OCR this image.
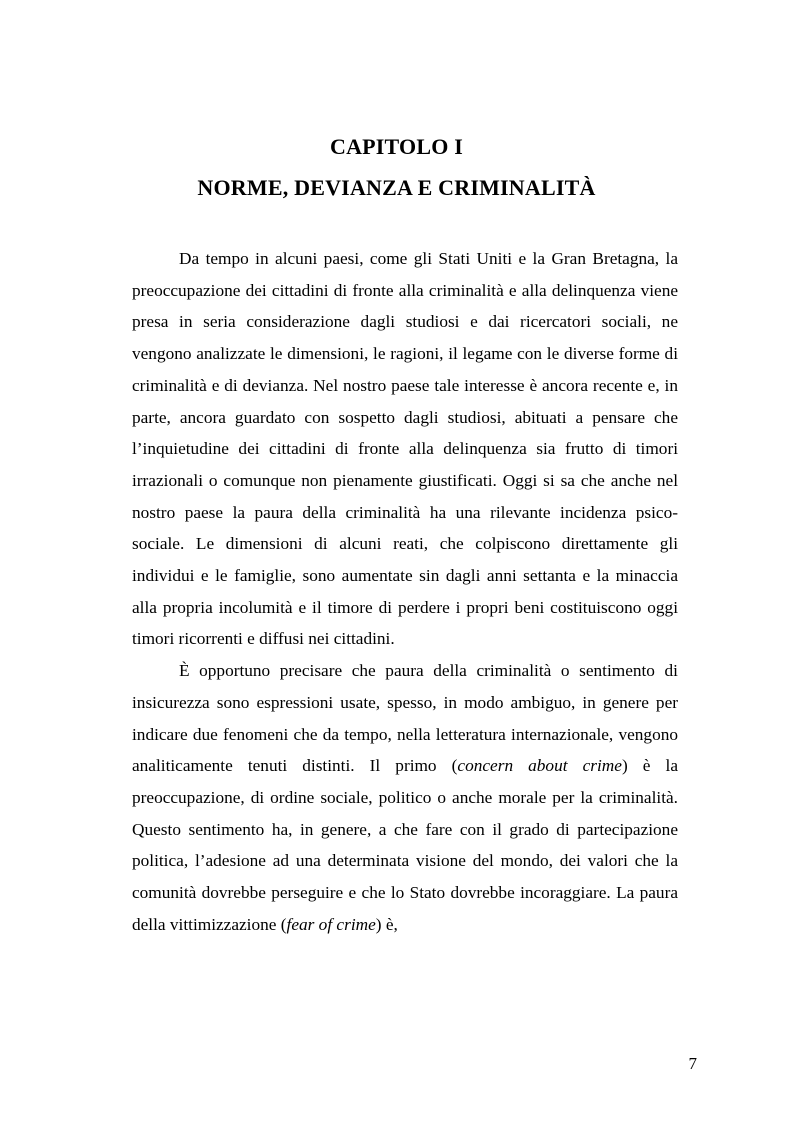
CAPITOLO I
NORME, DEVIANZA E CRIMINALITÀ

Da tempo in alcuni paesi, come gli Stati Uniti e la Gran Bretagna, la preoccupazione dei cittadini di fronte alla criminalità e alla delinquenza viene presa in seria considerazione dagli studiosi e dai ricercatori sociali, ne vengono analizzate le dimensioni, le ragioni, il legame con le diverse forme di criminalità e di devianza. Nel nostro paese tale interesse è ancora recente e, in parte, ancora guardato con sospetto dagli studiosi, abituati a pensare che l’inquietudine dei cittadini di fronte alla delinquenza sia frutto di timori irrazionali o comunque non pienamente giustificati. Oggi si sa che anche nel nostro paese la paura della criminalità ha una rilevante incidenza psico-sociale. Le dimensioni di alcuni reati, che colpiscono direttamente gli individui e le famiglie, sono aumentate sin dagli anni settanta e la minaccia alla propria incolumità e il timore di perdere i propri beni costituiscono oggi timori ricorrenti e diffusi nei cittadini.

È opportuno precisare che paura della criminalità o sentimento di insicurezza sono espressioni usate, spesso, in modo ambiguo, in genere per indicare due fenomeni che da tempo, nella letteratura internazionale, vengono analiticamente tenuti distinti. Il primo (concern about crime) è la preoccupazione, di ordine sociale, politico o anche morale per la criminalità. Questo sentimento ha, in genere, a che fare con il grado di partecipazione politica, l’adesione ad una determinata visione del mondo, dei valori che la comunità dovrebbe perseguire e che lo Stato dovrebbe incoraggiare. La paura della vittimizzazione (fear of crime) è,

7
